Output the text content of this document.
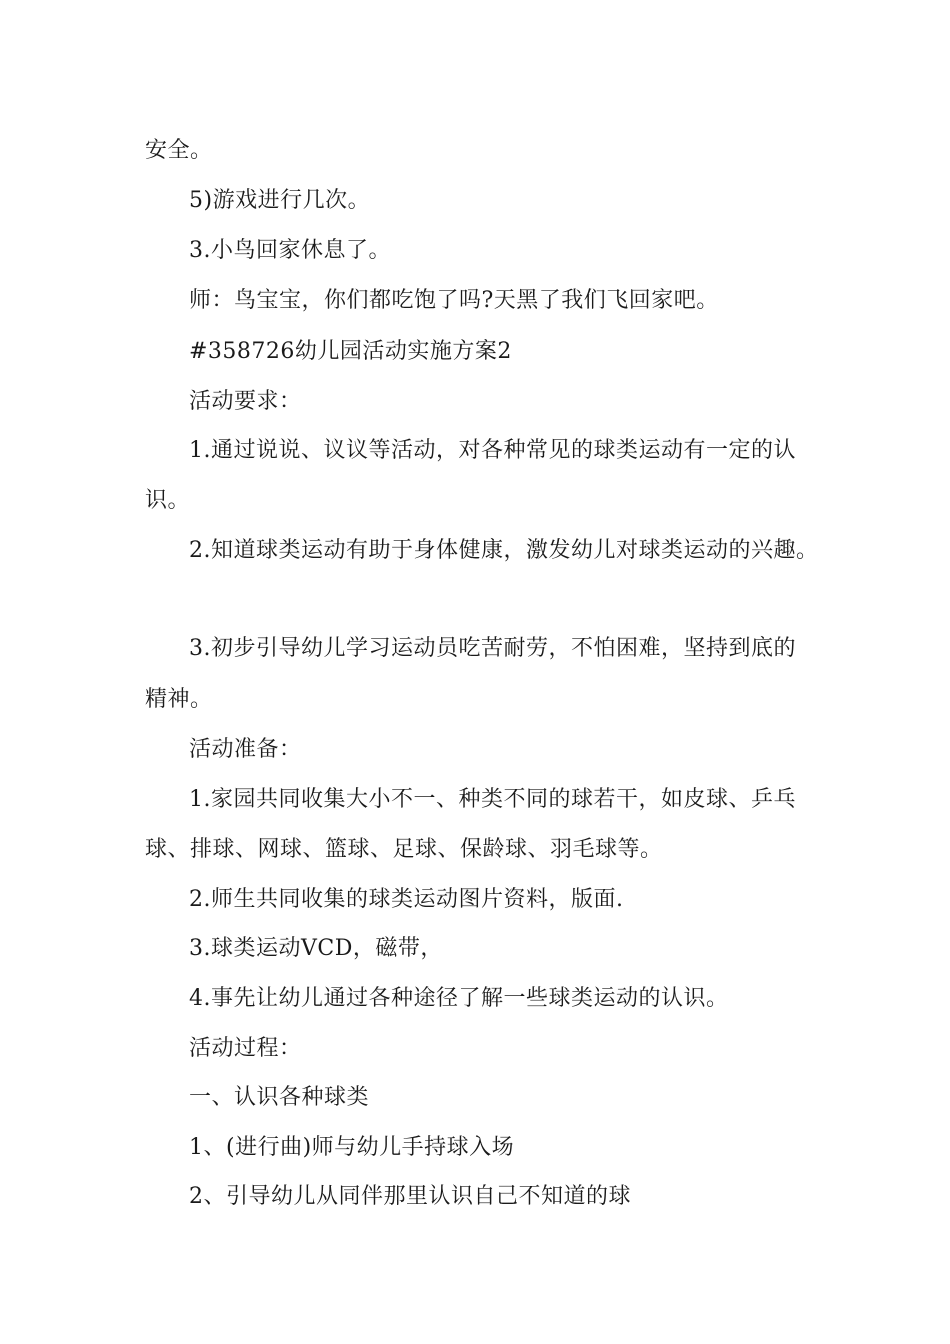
安全。
5)游戏进行几次。
3.小鸟回家休息了。
师：鸟宝宝，你们都吃饱了吗?天黑了我们飞回家吧。
#358726幼儿园活动实施方案2
活动要求：
1.通过说说、议议等活动，对各种常见的球类运动有一定的认
识。
2.知道球类运动有助于身体健康，激发幼儿对球类运动的兴趣。
3.初步引导幼儿学习运动员吃苦耐劳，不怕困难，坚持到底的
精神。
活动准备：
1.家园共同收集大小不一、种类不同的球若干，如皮球、乒乓
球、排球、网球、篮球、足球、保龄球、羽毛球等。
2.师生共同收集的球类运动图片资料，版面.
3.球类运动VCD，磁带，
4.事先让幼儿通过各种途径了解一些球类运动的认识。
活动过程：
一、认识各种球类
1、(进行曲)师与幼儿手持球入场
2、引导幼儿从同伴那里认识自己不知道的球
